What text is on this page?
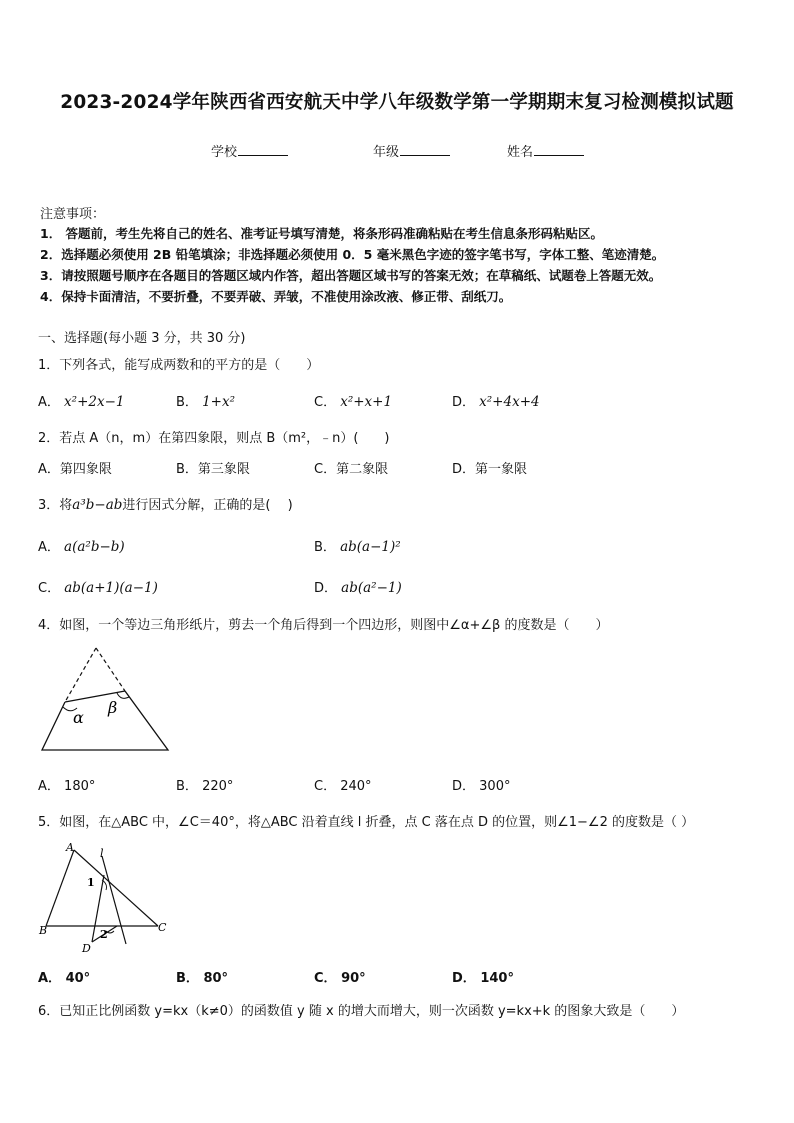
2023-2024学年陕西省西安航天中学八年级数学第一学期期末复习检测模拟试题
学校	年级	姓名
注意事项：
1． 答题前，考生先将自己的姓名、准考证号填写清楚，将条形码准确粘贴在考生信息条形码粘贴区。
2．选择题必须使用 2B 铅笔填涂；非选择题必须使用 0．5 毫米黑色字迹的签字笔书写，字体工整、笔迹清楚。
3．请按照题号顺序在各题目的答题区域内作答，超出答题区域书写的答案无效；在草稿纸、试题卷上答题无效。
4．保持卡面清洁，不要折叠，不要弄破、弄皱，不准使用涂改液、修正带、刮纸刀。
一、选择题(每小题 3 分，共 30 分)
1．下列各式，能写成两数和的平方的是（　　）
A． x²+2x−1	B． 1+x²	C． x²+x+1	D． x²+4x+4
2．若点 A（n，m）在第四象限，则点 B（m²，﹣n）(　　)
A．第四象限	B．第三象限	C．第二象限	D．第一象限
3．将a³b−ab进行因式分解，正确的是(　 )
A． a(a²b−b)	B． ab(a−1)²
C． ab(a+1)(a−1)	D． ab(a²−1)
4．如图，一个等边三角形纸片，剪去一个角后得到一个四边形，则图中∠α+∠β 的度数是（　　）
α
β
A． 180°	B． 220°	C． 240°	D． 300°
5．如图，在△ABC 中，∠C＝40°，将△ABC 沿着直线 l 折叠，点 C 落在点 D 的位置，则∠1−∠2 的度数是（ ）
A l
1
B	C
2
D
A． 40°	B． 80°	C． 90°	D． 140°
6．已知正比例函数 y=kx（k≠0）的函数值 y 随 x 的增大而增大，则一次函数 y=kx+k 的图象大致是（　　）
